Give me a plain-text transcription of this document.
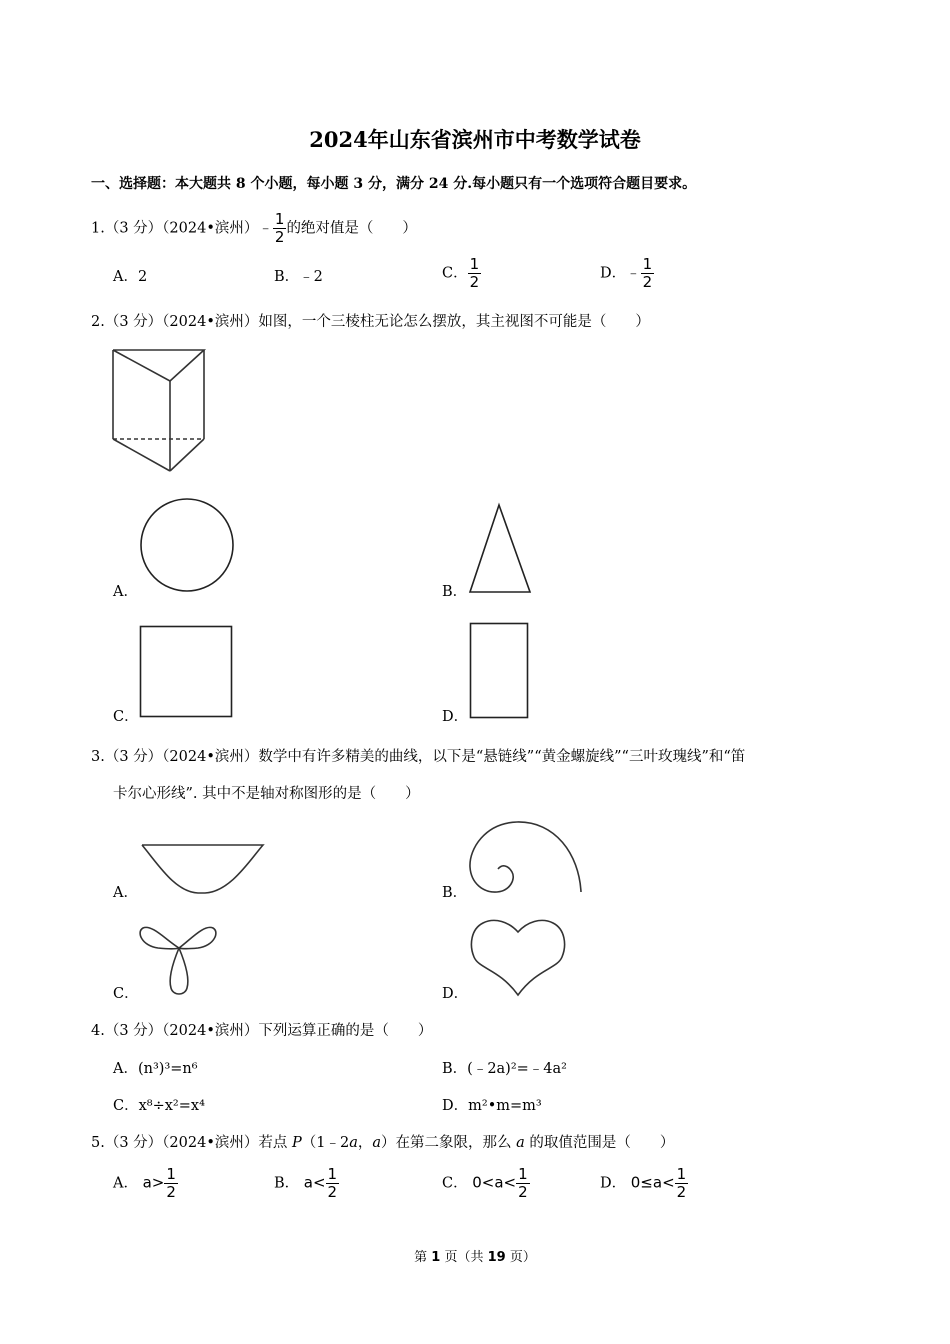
2024年山东省滨州市中考数学试卷
一、选择题：本大题共 8 个小题，每小题 3 分，满分 24 分.每小题只有一个选项符合题目要求。
1.（3 分）（2024•滨州）﹣ $\frac{1}{2}$ 的绝对值是（　　）
A．2	B．﹣2	C． $\frac{1}{2}$	D．﹣ $\frac{1}{2}$
2.（3 分）（2024•滨州）如图，一个三棱柱无论怎么摆放，其主视图不可能是（　　）
A．	B．
C．	D．
3.（3 分）（2024•滨州）数学中有许多精美的曲线，以下是“悬链线”“黄金螺旋线”“三叶玫瑰线”和“笛
卡尔心形线”. 其中不是轴对称图形的是（　　）
A．	B．
C．	D．
4.（3 分）（2024•滨州）下列运算正确的是（　　）
A．(n³)³=n⁶	B．(﹣2a)²=﹣4a²
C．x⁸÷x²=x⁴	D．m²•m=m³
5.（3 分）（2024•滨州）若点 P（1﹣2a，a）在第二象限，那么 a 的取值范围是（　　）
A． $a> \frac{1}{2}$	B． $a< \frac{1}{2}$	C． $0<a< \frac{1}{2}$	D． $0\le a< \frac{1}{2}$
第 1 页（共 19 页）
